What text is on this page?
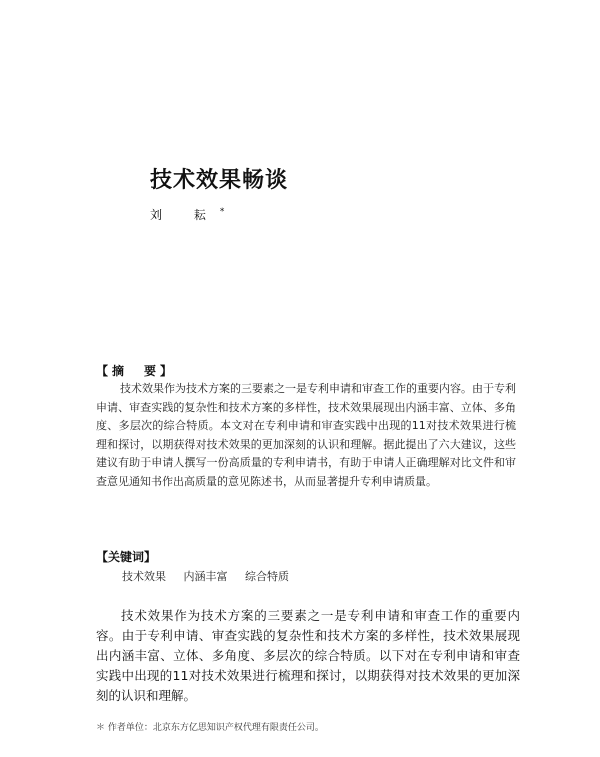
技术效果畅谈
刘 耘*
【摘　要】

技术效果作为技术方案的三要素之一是专利申请和审查工作的重要内容。由于专利申请、审查实践的复杂性和技术方案的多样性，技术效果展现出内涵丰富、立体、多角度、多层次的综合特质。本文对在专利申请和审查实践中出现的11对技术效果进行梳理和探讨，以期获得对技术效果的更加深刻的认识和理解。据此提出了六大建议，这些建议有助于申请人撰写一份高质量的专利申请书，有助于申请人正确理解对比文件和审查意见通知书作出高质量的意见陈述书，从而显著提升专利申请质量。

【关键词】
技术效果 内涵丰富 综合特质

技术效果作为技术方案的三要素之一是专利申请和审查工作的重要内容。由于专利申请、审查实践的复杂性和技术方案的多样性，技术效果展现出内涵丰富、立体、多角度、多层次的综合特质。以下对在专利申请和审查实践中出现的11对技术效果进行梳理和探讨，以期获得对技术效果的更加深刻的认识和理解。

＊ 作者单位：北京东方亿思知识产权代理有限责任公司。
